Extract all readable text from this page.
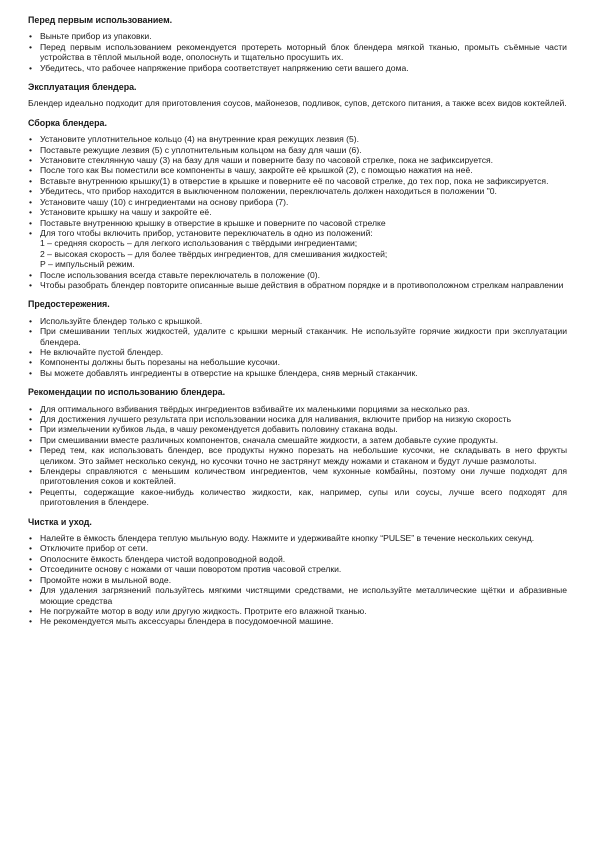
Перед первым использованием.
• Выньте прибор из упаковки.
• Перед первым использованием рекомендуется протереть моторный блок блендера мягкой тканью, промыть съёмные части устройства в тёплой мыльной воде, ополоснуть и тщательно просушить их.
• Убедитесь, что рабочее напряжение прибора соответствует напряжению сети вашего дома.
Эксплуатация блендера.
Блендер идеально подходит для приготовления соусов, майонезов, подливок, супов, детского питания, а также всех видов коктейлей.
Сборка блендера.
• Установите уплотнительное кольцо (4) на внутренние края режущих лезвия (5).
• Поставьте режущие лезвия (5) с уплотнительным кольцом на базу для чаши (6).
• Установите стеклянную чашу (3) на базу для чаши и поверните базу по часовой стрелке, пока не зафиксируется.
• После того как Вы поместили все компоненты в чашу, закройте её крышкой (2), с помощью нажатия на неё.
• Вставьте внутреннюю крышку(1) в отверстие в крышке и поверните её по часовой стрелке, до тех пор, пока не зафиксируется.
• Убедитесь, что прибор находится в выключенном положении, переключатель должен находиться в положении "0.
• Установите чашу (10) с ингредиентами на основу прибора (7).
• Установите крышку на чашу и закройте её.
• Поставьте внутреннюю крышку в отверстие в крышке и поверните по часовой стрелке
• Для того чтобы включить прибор, установите переключатель в одно из положений:
1 – средняя скорость – для легкого использования с твёрдыми ингредиентами;
2 – высокая скорость – для более твёрдых ингредиентов, для смешивания жидкостей;
P – импульсный режим.
• После использования всегда ставьте переключатель в положение (0).
• Чтобы разобрать блендер повторите описанные выше действия в обратном порядке и в противоположном стрелкам направлении
Предостережения.
• Используйте блендер только с крышкой.
• При смешивании теплых жидкостей, удалите с крышки мерный стаканчик. Не используйте горячие жидкости при эксплуатации блендера.
• Не включайте пустой блендер.
• Компоненты должны быть порезаны на небольшие кусочки.
• Вы можете добавлять ингредиенты в отверстие на крышке блендера, сняв мерный стаканчик.
Рекомендации по использованию блендера.
• Для оптимального взбивания твёрдых ингредиентов взбивайте их маленькими порциями за несколько раз.
• Для достижения лучшего результата при использовании носика для наливания, включите прибор на низкую скорость
• При измельчении кубиков льда, в чашу рекомендуется добавить половину стакана воды.
• При смешивании вместе различных компонентов, сначала смешайте жидкости, а затем добавьте сухие продукты.
• Перед тем, как использовать блендер, все продукты нужно порезать на небольшие кусочки, не складывать в него фрукты целиком. Это займет несколько секунд, но кусочки точно не застрянут между ножами и стаканом и будут лучше размолоты.
• Блендеры справляются с меньшим количеством ингредиентов, чем кухонные комбайны, поэтому они лучше подходят для приготовления соков и коктейлей.
• Рецепты, содержащие какое-нибудь количество жидкости, как, например, супы или соусы, лучше всего подходят для приготовления в блендере.
Чистка и уход.
• Налейте в ёмкость блендера теплую мыльную воду. Нажмите и удерживайте кнопку “PULSE” в течение нескольких секунд.
• Отключите прибор от сети.
• Ополосните ёмкость блендера чистой водопроводной водой.
• Отсоедините основу с ножами от чаши поворотом против часовой стрелки.
• Промойте ножи в мыльной воде.
• Для удаления загрязнений пользуйтесь мягкими чистящими средствами, не используйте металлические щётки и абразивные моющие средства
• Не погружайте мотор в воду или другую жидкость. Протрите его влажной тканью.
• Не рекомендуется мыть аксессуары блендера в посудомоечной машине.
